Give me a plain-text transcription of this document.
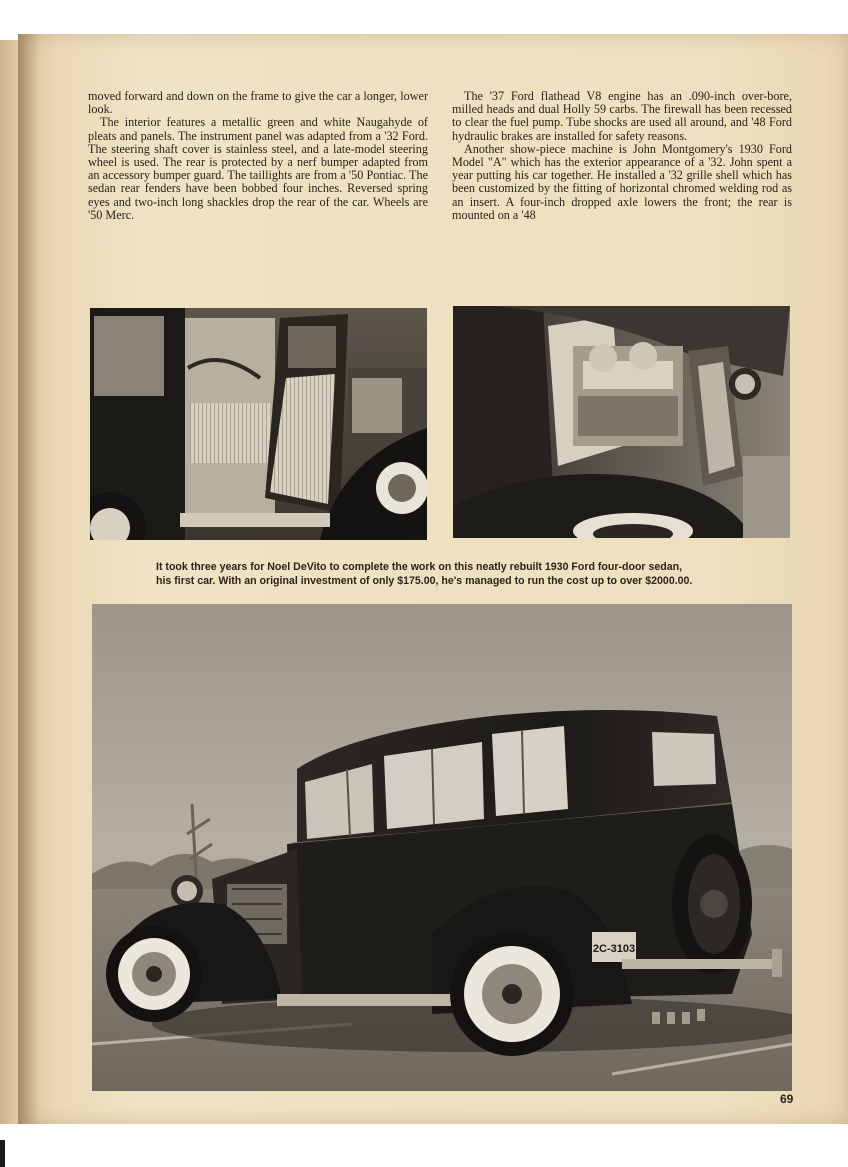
moved forward and down on the frame to give the car a longer, lower look.

The interior features a metallic green and white Naugahyde of pleats and panels. The instrument panel was adapted from a '32 Ford. The steering shaft cover is stainless steel, and a late-model steering wheel is used. The rear is protected by a nerf bumper adapted from an accessory bumper guard. The taillights are from a '50 Pontiac. The sedan rear fenders have been bobbed four inches. Reversed spring eyes and two-inch long shackles drop the rear of the car. Wheels are '50 Merc.

The '37 Ford flathead V8 engine has an .090-inch over-bore, milled heads and dual Holly 59 carbs. The firewall has been recessed to clear the fuel pump. Tube shocks are used all around, and '48 Ford hydraulic brakes are installed for safety reasons.

Another show-piece machine is John Montgomery's 1930 Ford Model "A" which has the exterior appearance of a '32. John spent a year putting his car together. He installed a '32 grille shell which has been customized by the fitting of horizontal chromed welding rod as an insert. A four-inch dropped axle lowers the front; the rear is mounted on a '48

It took three years for Noel DeVito to complete the work on this neatly rebuilt 1930 Ford four-door sedan,
his first car. With an original investment of only $175.00, he's managed to run the cost up to over $2000.00.
2C-3103
69
